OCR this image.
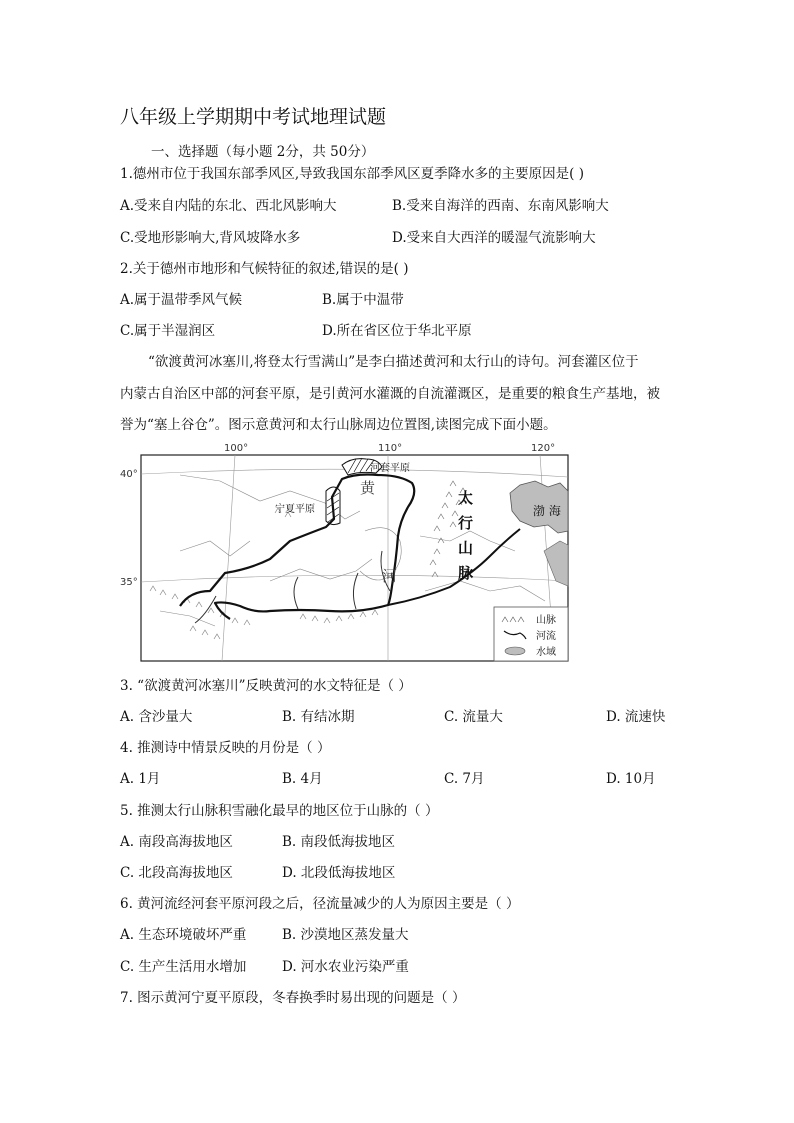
八年级上学期期中考试地理试题
一、选择题（每小题 2分，共 50分）
1.德州市位于我国东部季风区,导致我国东部季风区夏季降水多的主要原因是( )
A.受来自内陆的东北、西北风影响大	B.受来自海洋的西南、东南风影响大
C.受地形影响大,背风坡降水多	D.受来自大西洋的暖湿气流影响大
2.关于德州市地形和气候特征的叙述,错误的是( )
A.属于温带季风气候	B.属于中温带
C.属于半湿润区	D.所在省区位于华北平原
“欲渡黄河冰塞川,将登太行雪满山”是李白描述黄河和太行山的诗句。河套灌区位于
内蒙古自治区中部的河套平原，是引黄河水灌溉的自流灌溉区，是重要的粮食生产基地，被
誉为“塞上谷仓”。图示意黄河和太行山脉周边位置图,读图完成下面小题。
100°	110°	120°
40°
35°
河套平原
宁夏平原
黄
河
太
行
山
脉
渤 海
山脉
河流
水域
3. “欲渡黄河冰塞川”反映黄河的水文特征是（ ）
A. 含沙量大	B. 有结冰期	C. 流量大	D. 流速快
4. 推测诗中情景反映的月份是（ ）
A. 1月	B. 4月	C. 7月	D. 10月
5. 推测太行山脉积雪融化最早的地区位于山脉的（ ）
A. 南段高海拔地区	B. 南段低海拔地区
C. 北段高海拔地区	D. 北段低海拔地区
6. 黄河流经河套平原河段之后，径流量减少的人为原因主要是（ ）
A. 生态环境破坏严重	B. 沙漠地区蒸发量大
C. 生产生活用水增加	D. 河水农业污染严重
7. 图示黄河宁夏平原段，冬春换季时易出现的问题是（ ）
